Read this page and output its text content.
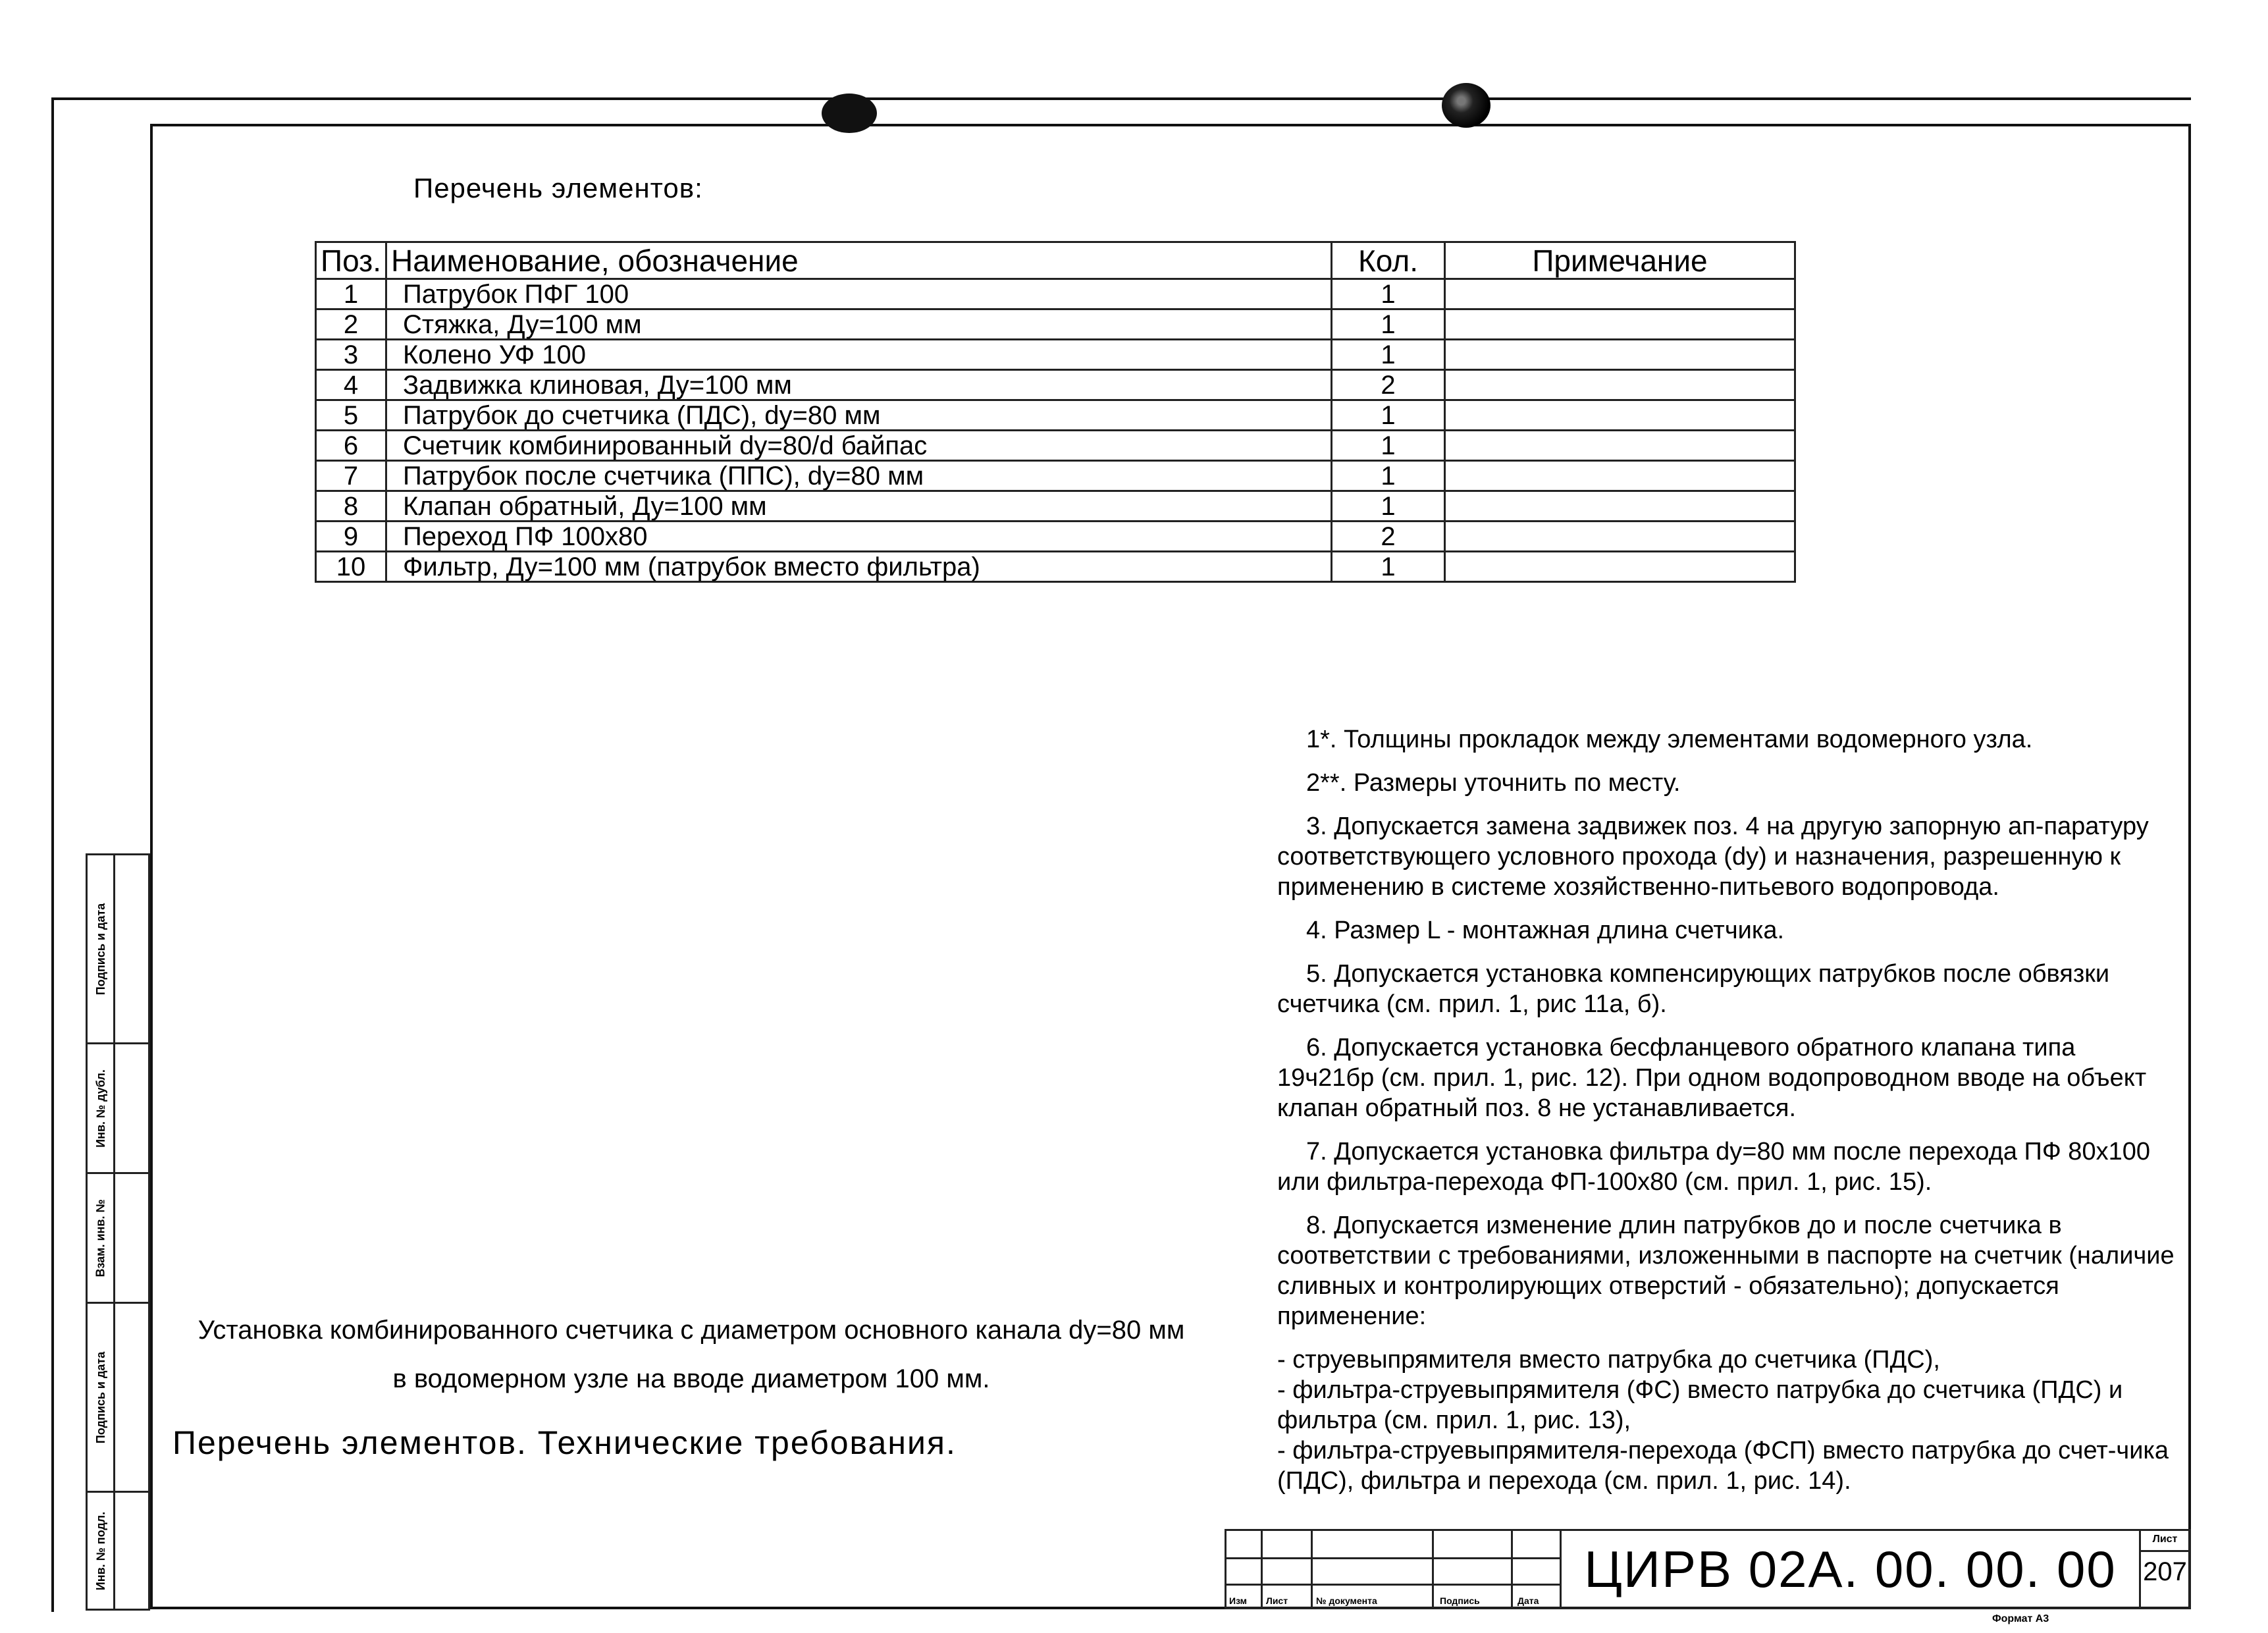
Перечень элементов:
Поз.	Наименование, обозначение	Кол.	Примечание
1	Патрубок ПФГ 100	1	
2	Стяжка, Ду=100 мм	1	
3	Колено УФ 100	1	
4	Задвижка клиновая, Ду=100 мм	2	
5	Патрубок до счетчика (ПДС), dy=80 мм	1	
6	Счетчик комбинированный dy=80/d байпас	1	
7	Патрубок после счетчика (ППС), dy=80 мм	1	
8	Клапан обратный, Ду=100 мм	1	
9	Переход ПФ 100х80	2	
10	Фильтр, Ду=100 мм (патрубок вместо фильтра)	1	

1*. Толщины прокладок между элементами водомерного узла.

2**. Размеры уточнить по месту.

3. Допускается замена задвижек поз. 4 на другую запорную ап-паратуру соответствующего условного прохода (dy) и назначения, разрешенную к применению в системе хозяйственно-питьевого водопровода.

4. Размер L - монтажная длина счетчика.

5. Допускается установка компенсирующих патрубков после обвязки счетчика (см. прил. 1, рис 11а, б).

6. Допускается установка бесфланцевого обратного клапана типа 19ч21бр (см. прил. 1, рис. 12). При одном водопроводном вводе на объект клапан обратный поз. 8 не устанавливается.

7. Допускается установка фильтра dy=80 мм после перехода ПФ 80х100 или фильтра-перехода ФП-100х80 (см. прил. 1, рис. 15).

8. Допускается изменение длин патрубков до и после счетчика в соответствии с требованиями, изложенными в паспорте на счетчик (наличие сливных и контролирующих отверстий - обязательно); допускается применение:

- струевыпрямителя вместо патрубка до счетчика (ПДС),

- фильтра-струевыпрямителя (ФС) вместо патрубка до счетчика (ПДС) и фильтра (см. прил. 1, рис. 13),

- фильтра-струевыпрямителя-перехода (ФСП) вместо патрубка до счет-чика (ПДС), фильтра и перехода (см. прил. 1, рис. 14).

Установка комбинированного счетчика с диаметром основного канала dy=80 мм
в водомерном узле на вводе диаметром 100 мм.
Перечень элементов. Технические требования.
Подпись и дата
Инв. № дубл.
Взам. инв. №
Подпись и дата
Инв. № подл.
Изм Лист	№ документа	Подпись	Дата
ЦИРВ 02А. 00. 00. 00
Лист
207
Формат А3
